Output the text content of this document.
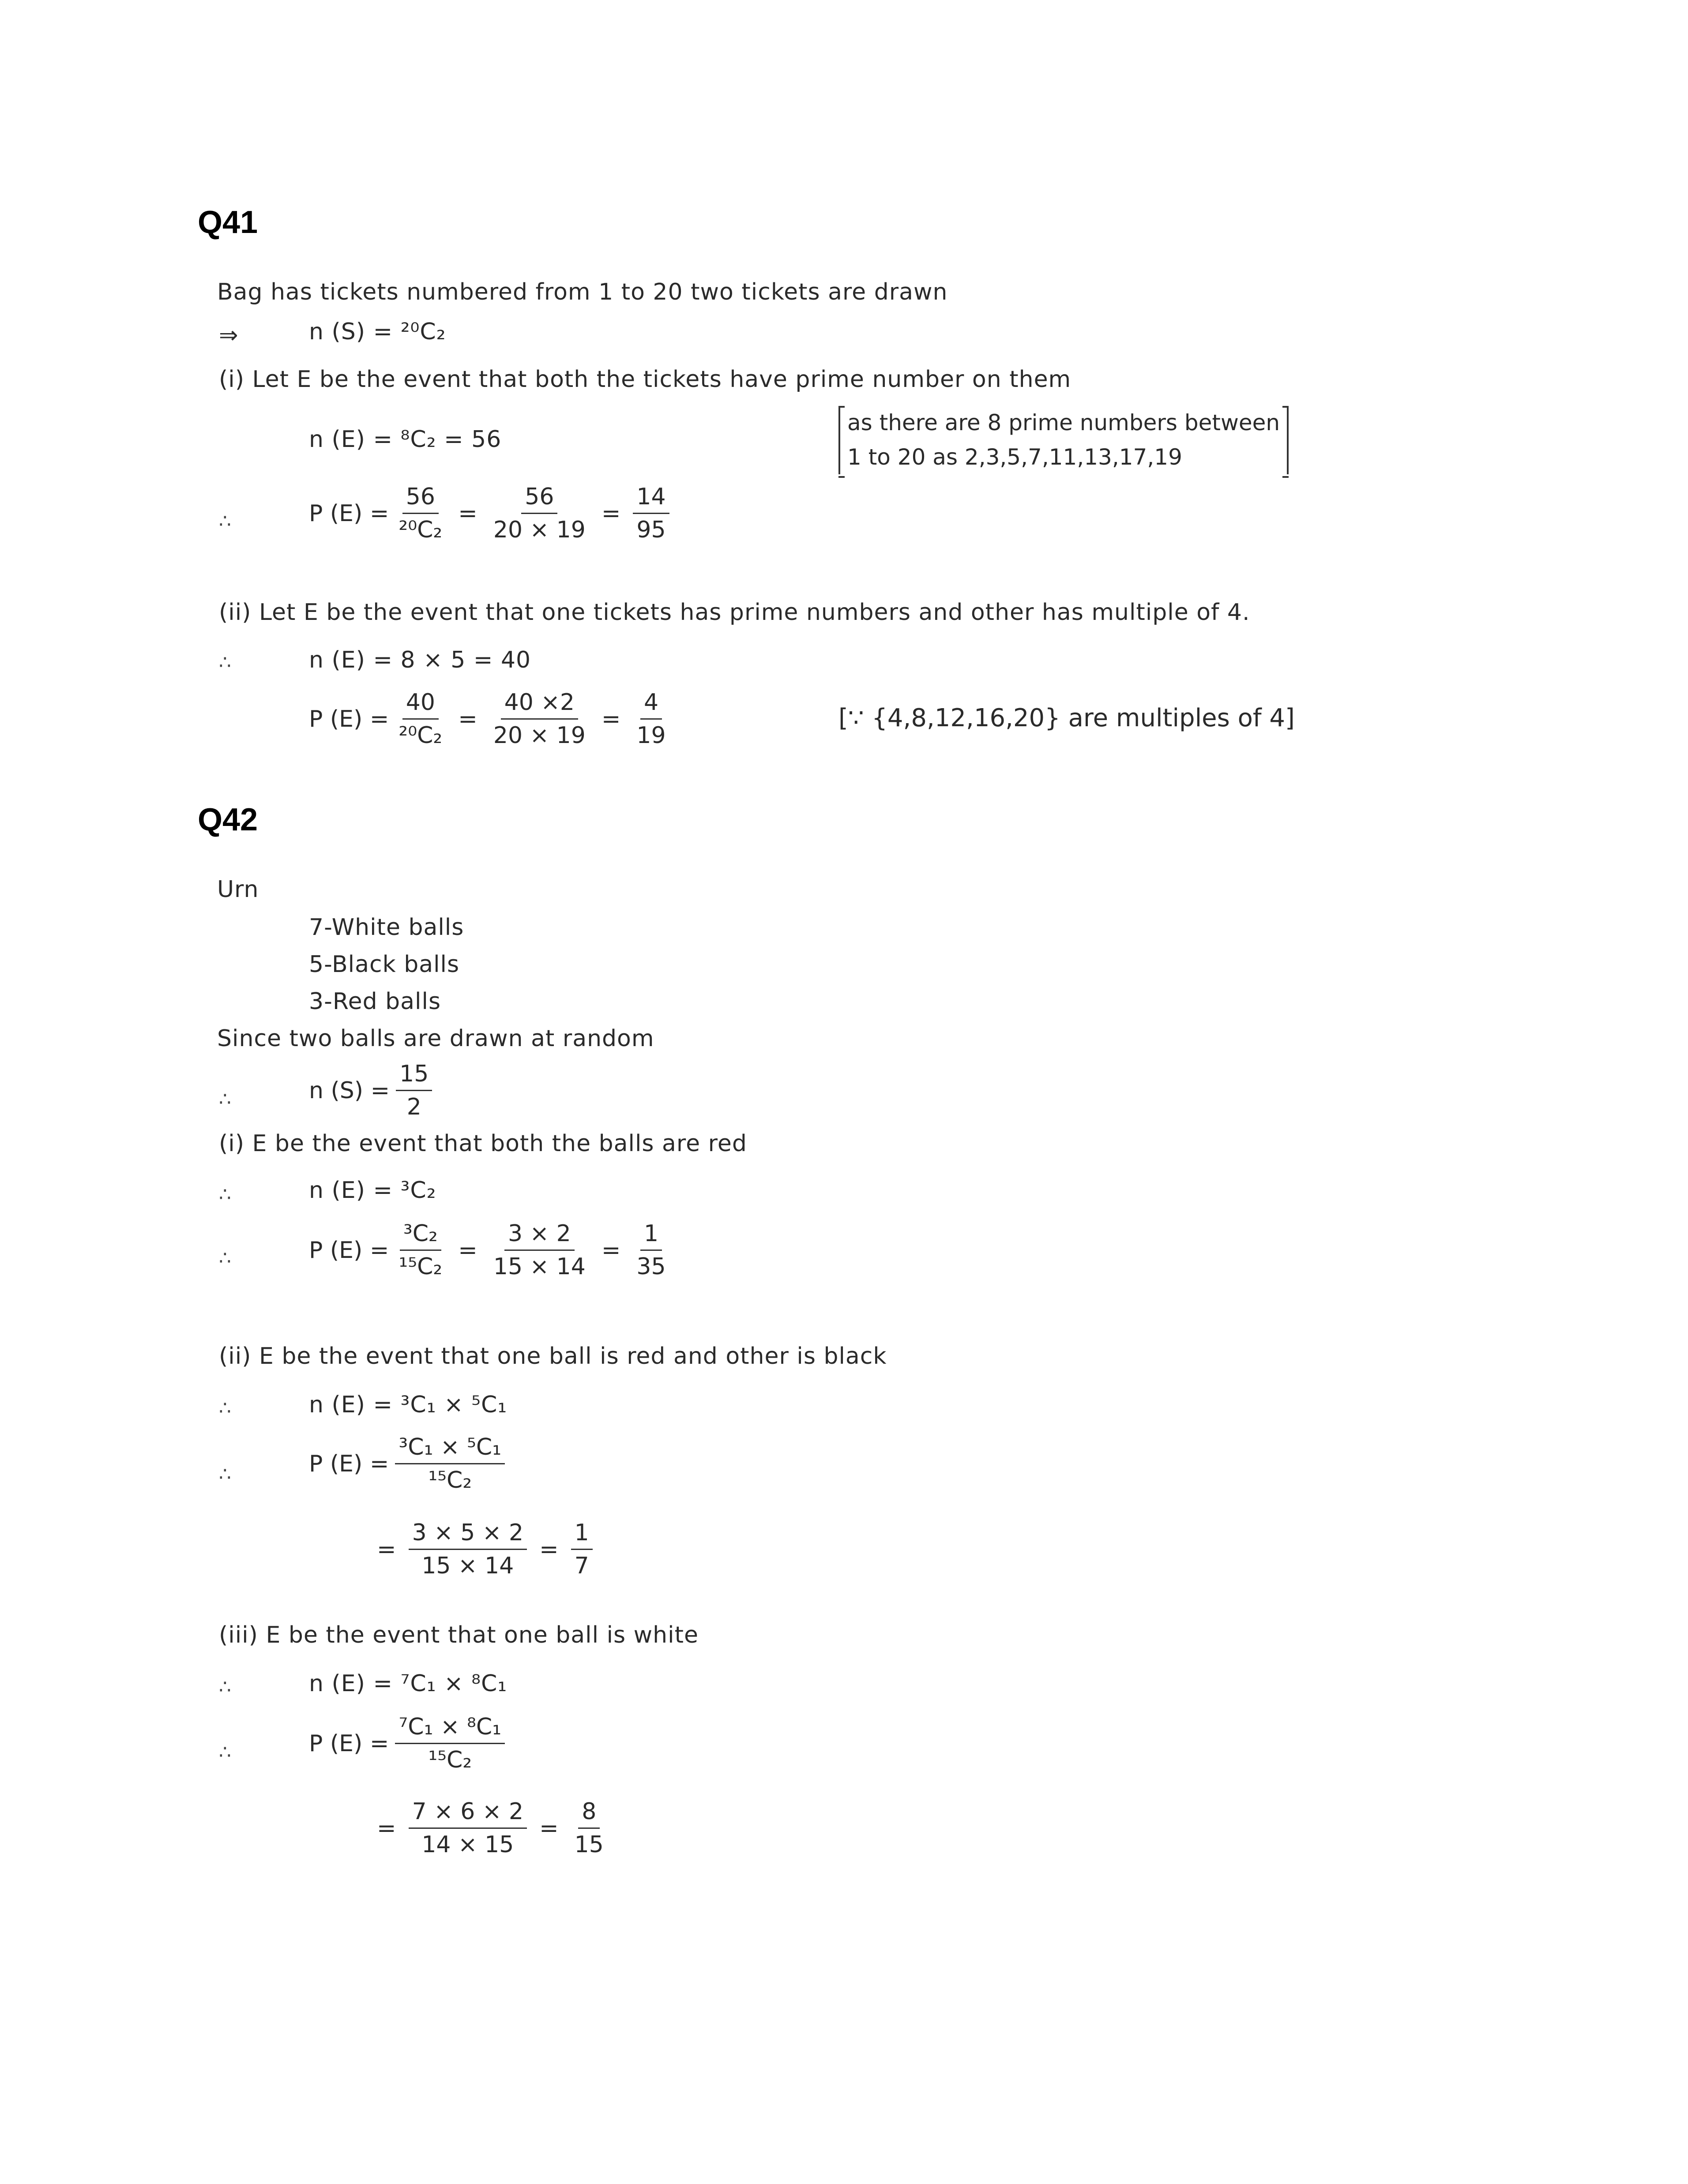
Q41
Bag has tickets numbered from 1 to 20 two tickets are drawn
⇒	n (S) = ²⁰C₂
(i) Let E be the event that both the tickets have prime number on them
n (E) = ⁸C₂ = 56
as there are 8 prime numbers between
1 to 20 as 2,3,5,7,11,13,17,19
∴	P $(E) = \frac{56}{\text{²⁰C₂}} = \frac{56}{20 \times 19} = \frac{14}{95}$
(ii) Let E be the event that one tickets has prime numbers and other has multiple of 4.
∴	n (E) = 8 × 5 = 40
P $(E) = \frac{40}{\text{²⁰C₂}} = \frac{40 \times 2}{20 \times 19} = \frac{4}{19}$	[∵ {4,8,12,16,20} are multiples of 4]
Q42
Urn
7-White balls
5-Black balls
3-Red balls
Since two balls are drawn at random
∴	n $(S) = \frac{15}{2}$
(i) E be the event that both the balls are red
∴	n (E) = ³C₂
∴	P $(E) = \frac{\text{³C₂}}{\text{¹⁵C₂}} = \frac{3 \times 2}{15 \times 14} = \frac{1}{35}$
(ii) E be the event that one ball is red and other is black
∴	n (E) = ³C₁ × ⁵C₁
∴	P $(E) = \frac{\text{³C₁ × ⁵C₁}}{\text{¹⁵C₂}}$
= $\frac{3 \times 5 \times 2}{15 \times 14} = \frac{1}{7}$
(iii) E be the event that one ball is white
∴	n (E) = ⁷C₁ × ⁸C₁
∴	P $(E) = \frac{\text{⁷C₁ × ⁸C₁}}{\text{¹⁵C₂}}$
= $\frac{7 \times 6 \times 2}{14 \times 15} = \frac{8}{15}$
